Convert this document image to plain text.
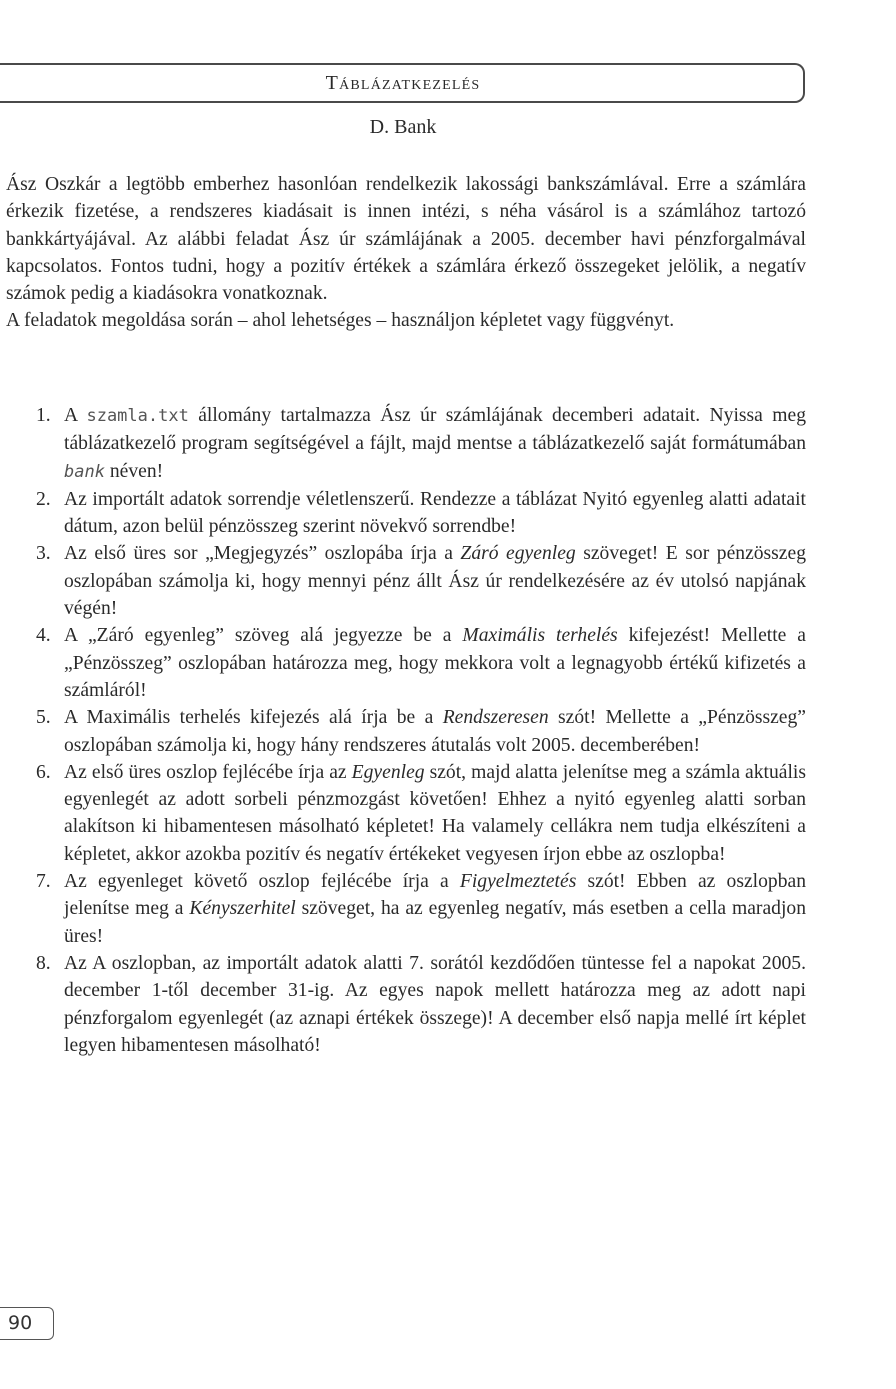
Táblázatkezelés
D. Bank

Ász Oszkár a legtöbb emberhez hasonlóan rendelkezik lakossági bankszámlával. Erre a számlára érkezik fizetése, a rendszeres kiadásait is innen intézi, s néha vásárol is a számlához tartozó bankkártyájával. Az alábbi feladat Ász úr számlájának a 2005. december havi pénzforgalmával kapcsolatos. Fontos tudni, hogy a pozitív értékek a számlára érkező összegeket jelölik, a negatív számok pedig a kiadásokra vonatkoznak.

A feladatok megoldása során – ahol lehetséges – használjon képletet vagy függvényt.

1. A szamla.txt állomány tartalmazza Ász úr számlájának decemberi adatait. Nyissa meg táblázatkezelő program segítségével a fájlt, majd mentse a táblázatkezelő saját formátumában bank néven!
2. Az importált adatok sorrendje véletlenszerű. Rendezze a táblázat Nyitó egyenleg alatti adatait dátum, azon belül pénzösszeg szerint növekvő sorrendbe!
3. Az első üres sor „Megjegyzés” oszlopába írja a Záró egyenleg szöveget! E sor pénzösszeg oszlopában számolja ki, hogy mennyi pénz állt Ász úr rendelkezésére az év utolsó napjának végén!
4. A „Záró egyenleg” szöveg alá jegyezze be a Maximális terhelés kifejezést! Mellette a „Pénzösszeg” oszlopában határozza meg, hogy mekkora volt a legnagyobb értékű kifizetés a számláról!
5. A Maximális terhelés kifejezés alá írja be a Rendszeresen szót! Mellette a „Pénzösszeg” oszlopában számolja ki, hogy hány rendszeres átutalás volt 2005. decemberében!
6. Az első üres oszlop fejlécébe írja az Egyenleg szót, majd alatta jelenítse meg a számla aktuális egyenlegét az adott sorbeli pénzmozgást követően! Ehhez a nyitó egyenleg alatti sorban alakítson ki hibamentesen másolható képletet! Ha valamely cellákra nem tudja elkészíteni a képletet, akkor azokba pozitív és negatív értékeket vegyesen írjon ebbe az oszlopba!
7. Az egyenleget követő oszlop fejlécébe írja a Figyelmeztetés szót! Ebben az oszlopban jelenítse meg a Kényszerhitel szöveget, ha az egyenleg negatív, más esetben a cella maradjon üres!
8. Az A oszlopban, az importált adatok alatti 7. sorától kezdődően tüntesse fel a napokat 2005. december 1-től december 31-ig. Az egyes napok mellett határozza meg az adott napi pénzforgalom egyenlegét (az aznapi értékek összege)! A december első napja mellé írt képlet legyen hibamentesen másolható!
90
